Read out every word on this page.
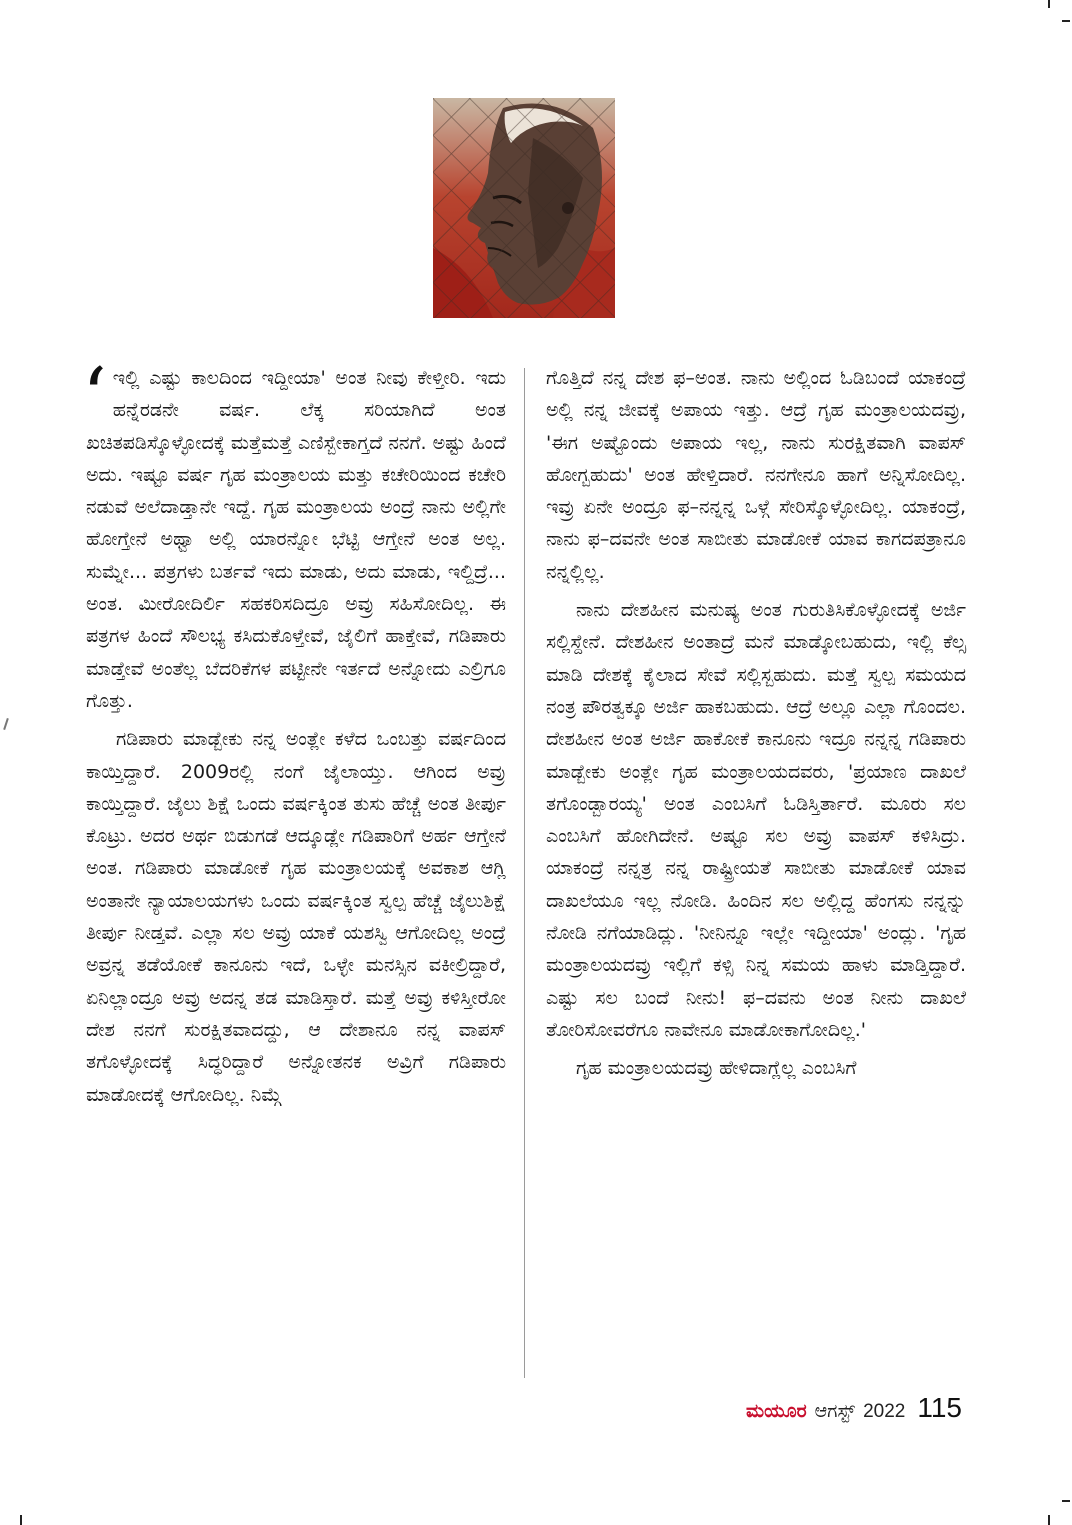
‘ ಇಲ್ಲಿ ಎಷ್ಟು ಕಾಲದಿಂದ ಇದ್ದೀಯಾ' ಅಂತ ನೀವು ಕೇಳ್ತೀರಿ. ಇದು ಹನ್ನೆರಡನೇ ವರ್ಷ. ಲೆಕ್ಕ ಸರಿಯಾಗಿದೆ ಅಂತ ಖಚಿತಪಡಿಸ್ಕೊಳ್ಳೋದಕ್ಕೆ ಮತ್ತೆಮತ್ತೆ ಎಣಿಸ್ಬೇಕಾಗ್ತದೆ ನನಗೆ. ಅಷ್ಟು ಹಿಂದೆ ಅದು. ಇಷ್ಟೂ ವರ್ಷ ಗೃಹ ಮಂತ್ರಾಲಯ ಮತ್ತು ಕಚೇರಿಯಿಂದ ಕಚೇರಿ ನಡುವೆ ಅಲೆದಾಡ್ತಾನೇ ಇದ್ದೆ. ಗೃಹ ಮಂತ್ರಾಲಯ ಅಂದ್ರೆ ನಾನು ಅಲ್ಲಿಗೇ ಹೋಗ್ತೇನೆ ಅಥ್ವಾ ಅಲ್ಲಿ ಯಾರನ್ನೋ ಭೆಟ್ಟಿ ಆಗ್ತೇನೆ ಅಂತ ಅಲ್ಲ. ಸುಮ್ನೇ... ಪತ್ರಗಳು ಬರ್ತವೆ ಇದು ಮಾಡು, ಅದು ಮಾಡು, ಇಲ್ದಿದ್ರೆ... ಅಂತ. ಮೀರೋದಿರ್ಲಿ ಸಹಕರಿಸದಿದ್ರೂ ಅವ್ರು ಸಹಿಸೋದಿಲ್ಲ. ಈ ಪತ್ರಗಳ ಹಿಂದೆ ಸೌಲಭ್ಯ ಕಸಿದುಕೊಳ್ತೇವೆ, ಜೈಲಿಗೆ ಹಾಕ್ತೇವೆ, ಗಡಿಪಾರು ಮಾಡ್ತೇವೆ ಅಂತೆಲ್ಲ ಬೆದರಿಕೆಗಳ ಪಟ್ಟೀನೇ ಇರ್ತದೆ ಅನ್ನೋದು ಎಲ್ರಿಗೂ ಗೊತ್ತು.

ಗಡಿಪಾರು ಮಾಡ್ಬೇಕು ನನ್ನ ಅಂತ್ಲೇ ಕಳೆದ ಒಂಬತ್ತು ವರ್ಷದಿಂದ ಕಾಯ್ತಿದ್ದಾರೆ. 2009ರಲ್ಲಿ ನಂಗೆ ಜೈಲಾಯ್ತು. ಆಗಿಂದ ಅವ್ರು ಕಾಯ್ತಿದ್ದಾರೆ. ಜೈಲು ಶಿಕ್ಷೆ ಒಂದು ವರ್ಷಕ್ಕಿಂತ ತುಸು ಹೆಚ್ಚೆ ಅಂತ ತೀರ್ಪು ಕೊಟ್ರು. ಅದರ ಅರ್ಥ ಬಿಡುಗಡೆ ಆದ್ಕೂಡ್ಲೇ ಗಡಿಪಾರಿಗೆ ಅರ್ಹ ಆಗ್ತೇನೆ ಅಂತ. ಗಡಿಪಾರು ಮಾಡೋಕೆ ಗೃಹ ಮಂತ್ರಾಲಯಕ್ಕೆ ಅವಕಾಶ ಆಗ್ಲಿ ಅಂತಾನೇ ನ್ಯಾಯಾಲಯಗಳು ಒಂದು ವರ್ಷಕ್ಕಿಂತ ಸ್ವಲ್ಪ ಹೆಚ್ಚೆ ಜೈಲುಶಿಕ್ಷೆ ತೀರ್ಪು ನೀಡ್ತವೆ. ಎಲ್ಲಾ ಸಲ ಅವ್ರು ಯಾಕೆ ಯಶಸ್ವಿ ಆಗೋದಿಲ್ಲ ಅಂದ್ರೆ ಅವ್ರನ್ನ ತಡೆಯೋಕೆ ಕಾನೂನು ಇದೆ, ಒಳ್ಳೇ ಮನಸ್ಸಿನ ವಕೀಲ್ರಿದ್ದಾರೆ, ಏನಿಲ್ಲಾಂದ್ರೂ ಅವ್ರು ಅದನ್ನ ತಡ ಮಾಡಿಸ್ತಾರೆ. ಮತ್ತೆ ಅವ್ರು ಕಳಿಸ್ತೀರೋ ದೇಶ ನನಗೆ ಸುರಕ್ಷಿತವಾದದ್ದು, ಆ ದೇಶಾನೂ ನನ್ನ ವಾಪಸ್ ತಗೊಳ್ಳೋದಕ್ಕೆ ಸಿದ್ಧರಿದ್ದಾರೆ ಅನ್ನೋತನಕ ಅವ್ರಿಗೆ ಗಡಿಪಾರು ಮಾಡೋದಕ್ಕೆ ಆಗೋದಿಲ್ಲ. ನಿಮ್ಗೆ

ಗೊತ್ತಿದೆ ನನ್ನ ದೇಶ ಫ–ಅಂತ. ನಾನು ಅಲ್ಲಿಂದ ಓಡಿಬಂದೆ ಯಾಕಂದ್ರೆ ಅಲ್ಲಿ ನನ್ನ ಜೀವಕ್ಕೆ ಅಪಾಯ ಇತ್ತು. ಆದ್ರೆ ಗೃಹ ಮಂತ್ರಾಲಯದವ್ರು, 'ಈಗ ಅಷ್ಟೊಂದು ಅಪಾಯ ಇಲ್ಲ, ನಾನು ಸುರಕ್ಷಿತವಾಗಿ ವಾಪಸ್ ಹೋಗ್ಬಹುದು' ಅಂತ ಹೇಳ್ತಿದಾರೆ. ನನಗೇನೂ ಹಾಗೆ ಅನ್ನಿಸೋದಿಲ್ಲ. ಇವ್ರು ಏನೇ ಅಂದ್ರೂ ಫ–ನನ್ನನ್ನ ಒಳ್ಗೆ ಸೇರಿಸ್ಕೊಳ್ಳೋದಿಲ್ಲ. ಯಾಕಂದ್ರೆ, ನಾನು ಫ–ದವನೇ ಅಂತ ಸಾಬೀತು ಮಾಡೋಕೆ ಯಾವ ಕಾಗದಪತ್ರಾನೂ ನನ್ನಲ್ಲಿಲ್ಲ.

ನಾನು ದೇಶಹೀನ ಮನುಷ್ಯ ಅಂತ ಗುರುತಿಸಿಕೊಳ್ಳೋದಕ್ಕೆ ಅರ್ಜಿ ಸಲ್ಲಿಸ್ದೇನೆ. ದೇಶಹೀನ ಅಂತಾದ್ರೆ ಮನೆ ಮಾಡ್ಕೋಬಹುದು, ಇಲ್ಲಿ ಕೆಲ್ಸ ಮಾಡಿ ದೇಶಕ್ಕೆ ಕೈಲಾದ ಸೇವೆ ಸಲ್ಲಿಸ್ಬಹುದು. ಮತ್ತೆ ಸ್ವಲ್ಪ ಸಮಯದ ನಂತ್ರ ಪೌರತ್ವಕ್ಕೂ ಅರ್ಜಿ ಹಾಕಬಹುದು. ಆದ್ರೆ ಅಲ್ಲೂ ಎಲ್ಲಾ ಗೊಂದಲ. ದೇಶಹೀನ ಅಂತ ಅರ್ಜಿ ಹಾಕೋಕೆ ಕಾನೂನು ಇದ್ರೂ ನನ್ನನ್ನ ಗಡಿಪಾರು ಮಾಡ್ಬೇಕು ಅಂತ್ಲೇ ಗೃಹ ಮಂತ್ರಾಲಯದವರು, 'ಪ್ರಯಾಣ ದಾಖಲೆ ತಗೊಂಡ್ಬಾರಯ್ಯ' ಅಂತ ಎಂಬಸಿಗೆ ಓಡಿಸ್ತಿರ್ತಾರೆ. ಮೂರು ಸಲ ಎಂಬಸಿಗೆ ಹೋಗಿದೇನೆ. ಅಷ್ಟೂ ಸಲ ಅವ್ರು ವಾಪಸ್ ಕಳಿಸಿದ್ರು. ಯಾಕಂದ್ರೆ ನನ್ನತ್ರ ನನ್ನ ರಾಷ್ಟ್ರೀಯತೆ ಸಾಬೀತು ಮಾಡೋಕೆ ಯಾವ ದಾಖಲೆಯೂ ಇಲ್ಲ ನೋಡಿ. ಹಿಂದಿನ ಸಲ ಅಲ್ಲಿದ್ದ ಹೆಂಗಸು ನನ್ನನ್ನು ನೋಡಿ ನಗೆಯಾಡಿದ್ಲು. 'ನೀನಿನ್ನೂ ಇಲ್ಲೇ ಇದ್ದೀಯಾ' ಅಂದ್ಲು. 'ಗೃಹ ಮಂತ್ರಾಲಯದವ್ರು ಇಲ್ಲಿಗೆ ಕಳ್ಸಿ ನಿನ್ನ ಸಮಯ ಹಾಳು ಮಾಡ್ತಿದ್ದಾರೆ. ಎಷ್ಟು ಸಲ ಬಂದೆ ನೀನು! ಫ–ದವನು ಅಂತ ನೀನು ದಾಖಲೆ ತೋರಿಸೋವರೆಗೂ ನಾವೇನೂ ಮಾಡೋಕಾಗೋದಿಲ್ಲ.'

ಗೃಹ ಮಂತ್ರಾಲಯದವ್ರು ಹೇಳಿದಾಗ್ಲೆಲ್ಲ ಎಂಬಸಿಗೆ

ಮಯೂರ ಆಗಸ್ಟ್ 2022 115
